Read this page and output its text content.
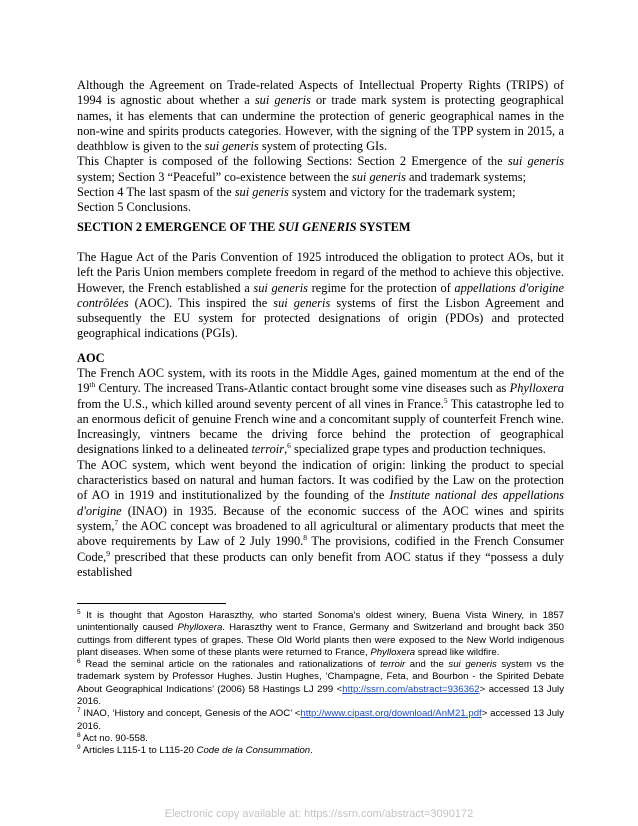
Although the Agreement on Trade-related Aspects of Intellectual Property Rights (TRIPS) of 1994 is agnostic about whether a sui generis or trade mark system is protecting geographical names, it has elements that can undermine the protection of generic geographical names in the non-wine and spirits products categories. However, with the signing of the TPP system in 2015, a deathblow is given to the sui generis system of protecting GIs.

This Chapter is composed of the following Sections: Section 2 Emergence of the sui generis system; Section 3 “Peaceful” co-existence between the sui generis and trademark systems;

Section 4 The last spasm of the sui generis system and victory for the trademark system;

Section 5 Conclusions.

SECTION 2 EMERGENCE OF THE SUI GENERIS SYSTEM

The Hague Act of the Paris Convention of 1925 introduced the obligation to protect AOs, but it left the Paris Union members complete freedom in regard of the method to achieve this objective. However, the French established a sui generis regime for the protection of appellations d'origine contrôlées (AOC). This inspired the sui generis systems of first the Lisbon Agreement and subsequently the EU system for protected designations of origin (PDOs) and protected geographical indications (PGIs).

AOC

The French AOC system, with its roots in the Middle Ages, gained momentum at the end of the 19th Century. The increased Trans-Atlantic contact brought some vine diseases such as Phylloxera from the U.S., which killed around seventy percent of all vines in France.$^5$ This catastrophe led to an enormous deficit of genuine French wine and a concomitant supply of counterfeit French wine. Increasingly, vintners became the driving force behind the protection of geographical designations linked to a delineated terroir,$^6$ specialized grape types and production techniques.

The AOC system, which went beyond the indication of origin: linking the product to special characteristics based on natural and human factors. It was codified by the Law on the protection of AO in 1919 and institutionalized by the founding of the Institute national des appellations d'origine (INAO) in 1935. Because of the economic success of the AOC wines and spirits system,$^7$ the AOC concept was broadened to all agricultural or alimentary products that meet the above requirements by Law of 2 July 1990.$^8$ The provisions, codified in the French Consumer Code,$^9$ prescribed that these products can only benefit from AOC status if they “possess a duly established

$^5$ It is thought that Agoston Haraszthy, who started Sonoma’s oldest winery, Buena Vista Winery, in 1857 unintentionally caused Phylloxera. Haraszthy went to France, Germany and Switzerland and brought back 350 cuttings from different types of grapes. These Old World plants then were exposed to the New World indigenous plant diseases. When some of these plants were returned to France, Phylloxera spread like wildfire.

$^6$ Read the seminal article on the rationales and rationalizations of terroir and the sui generis system vs the trademark system by Professor Hughes. Justin Hughes, ‘Champagne, Feta, and Bourbon - the Spirited Debate About Geographical Indications’ (2006) 58 Hastings LJ 299 <http://ssrn.com/abstract=936362> accessed 13 July 2016.

$^7$ INAO, ‘History and concept, Genesis of the AOC’ <http://www.cipast.org/download/AnM21.pdf> accessed 13 July 2016.

$^8$ Act no. 90-558.

$^9$ Articles L115-1 to L115-20 Code de la Consummation.

Electronic copy available at: https://ssrn.com/abstract=3090172
